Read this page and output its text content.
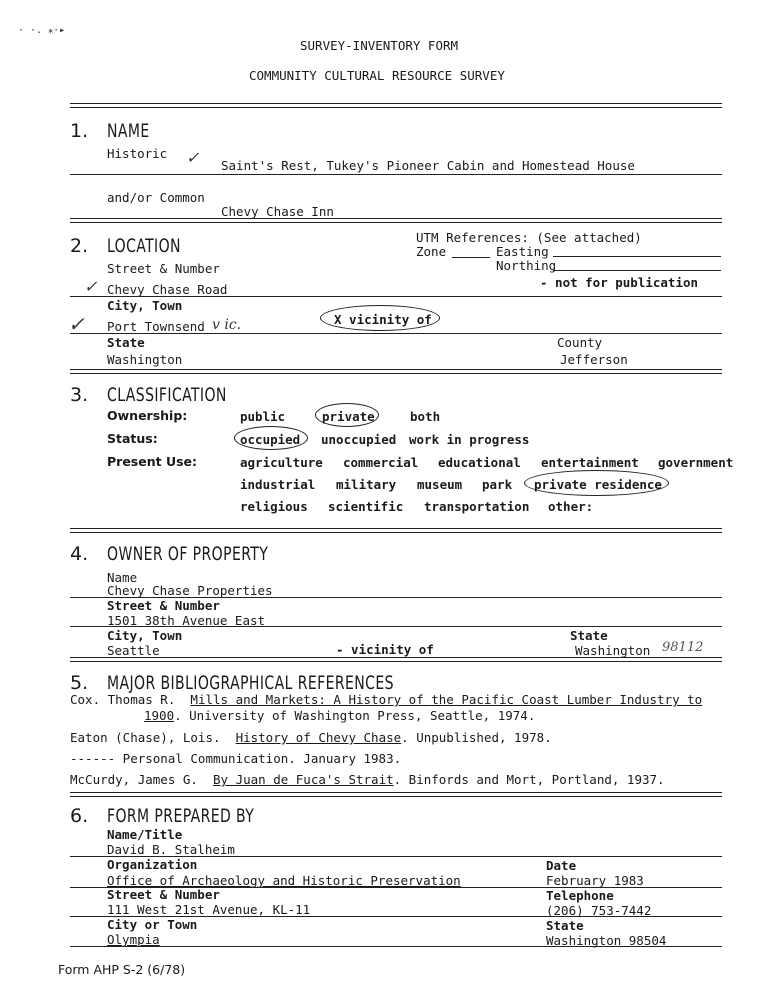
SURVEY-INVENTORY FORM
COMMUNITY CULTURAL RESOURCE SURVEY
1. NAME
Historic ✓ Saint's Rest, Tukey's Pioneer Cabin and Homestead House
and/or Common
Chevy Chase Inn
2. LOCATION	UTM References: (See attached)
Zone	Easting
Northing
Street & Number
- not for publication
✓ Chevy Chase Road
City, Town
✓ Port Townsend v ic.	X vicinity of
State
Washington
County
Jefferson
3. CLASSIFICATION
Ownership:	public	private	both
Status:	occupied unoccupied work in progress
Present Use:	agriculture commercial educational entertainment government
industrial military museum park private residence
religious scientific transportation other:
4. OWNER OF PROPERTY
Name
Chevy Chase Properties
Street & Number
1501 38th Avenue East
City, Town
Seattle	- vicinity of
State
Washington 98112
5. MAJOR BIBLIOGRAPHICAL REFERENCES
Cox. Thomas R. Mills and Markets: A History of the Pacific Coast Lumber Industry to
1900. University of Washington Press, Seattle, 1974.
Eaton (Chase), Lois. History of Chevy Chase. Unpublished, 1978.
------ Personal Communication. January 1983.
McCurdy, James G. By Juan de Fuca's Strait. Binfords and Mort, Portland, 1937.
6. FORM PREPARED BY
Name/Title
David B. Stalheim
Organization
Office of Archaeology and Historic Preservation
Date
February 1983
Street & Number
111 West 21st Avenue, KL-11
Telephone
(206) 753-7442
City or Town
Olympia
State
Washington 98504
Form AHP S-2 (6/78)
· ·. ⁎·▸
